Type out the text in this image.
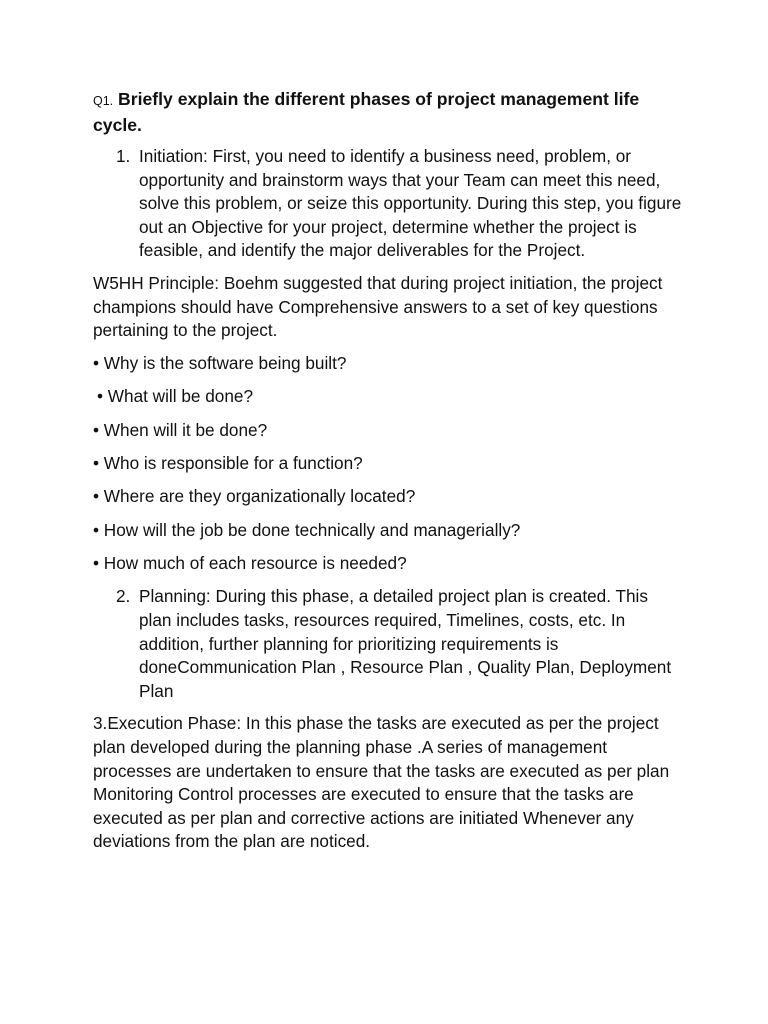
Q1. Briefly explain the different phases of project management life cycle.

1. Initiation: First, you need to identify a business need, problem, or opportunity and brainstorm ways that your Team can meet this need, solve this problem, or seize this opportunity. During this step, you figure out an Objective for your project, determine whether the project is feasible, and identify the major deliverables for the Project.

W5HH Principle: Boehm suggested that during project initiation, the project champions should have Comprehensive answers to a set of key questions pertaining to the project.

• Why is the software being built?
• What will be done?
• When will it be done?
• Who is responsible for a function?
• Where are they organizationally located?
• How will the job be done technically and managerially?
• How much of each resource is needed?
2. Planning: During this phase, a detailed project plan is created. This plan includes tasks, resources required, Timelines, costs, etc. In addition, further planning for prioritizing requirements is doneCommunication Plan , Resource Plan , Quality Plan, Deployment Plan

3.Execution Phase: In this phase the tasks are executed as per the project plan developed during the planning phase .A series of management processes are undertaken to ensure that the tasks are executed as per plan Monitoring Control processes are executed to ensure that the tasks are executed as per plan and corrective actions are initiated Whenever any deviations from the plan are noticed.
